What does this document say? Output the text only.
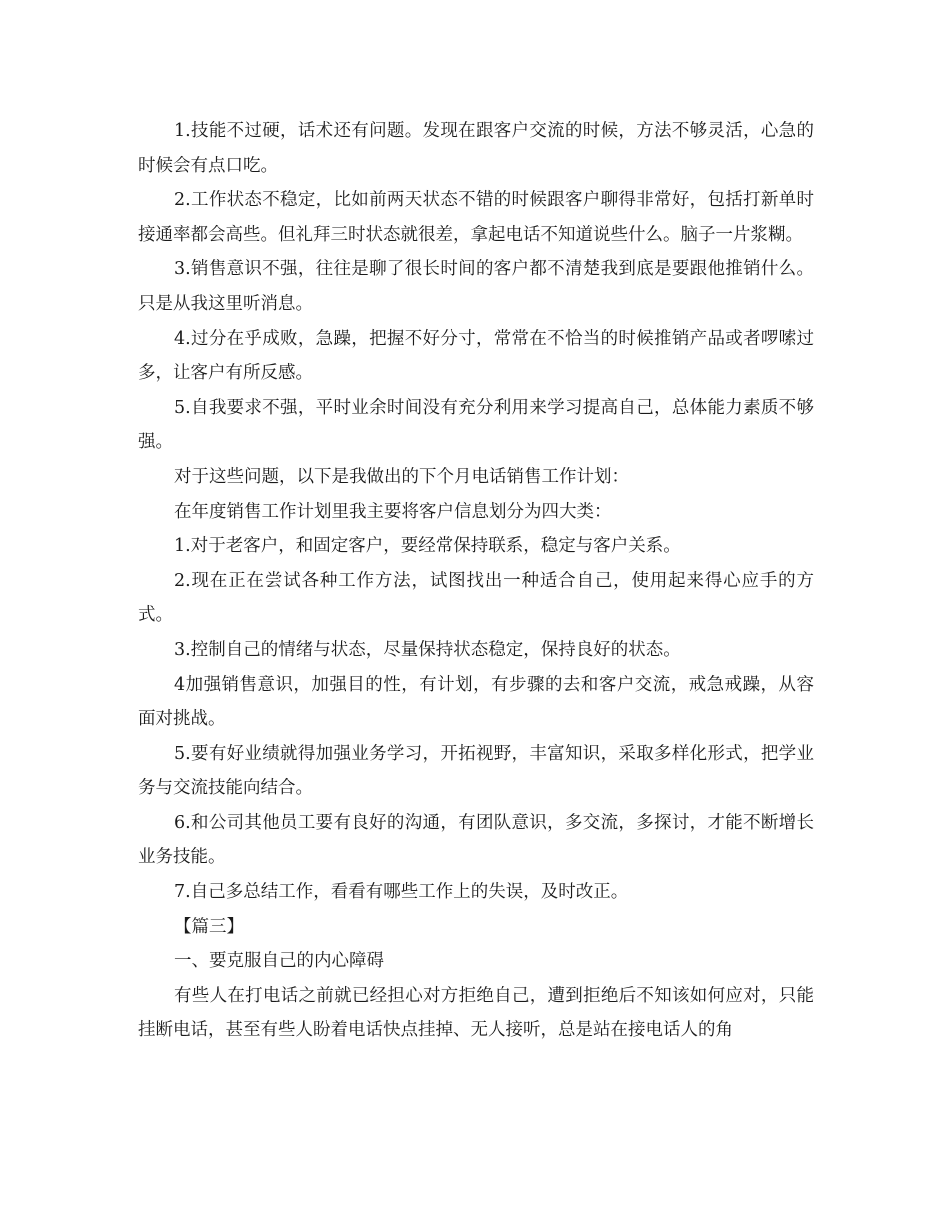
1.技能不过硬，话术还有问题。发现在跟客户交流的时候，方法不够灵活，心急的时候会有点口吃。

2.工作状态不稳定，比如前两天状态不错的时候跟客户聊得非常好，包括打新单时接通率都会高些。但礼拜三时状态就很差，拿起电话不知道说些什么。脑子一片浆糊。

3.销售意识不强，往往是聊了很长时间的客户都不清楚我到底是要跟他推销什么。只是从我这里听消息。

4.过分在乎成败，急躁，把握不好分寸，常常在不恰当的时候推销产品或者啰嗦过多，让客户有所反感。

5.自我要求不强，平时业余时间没有充分利用来学习提高自己，总体能力素质不够强。

对于这些问题，以下是我做出的下个月电话销售工作计划：

在年度销售工作计划里我主要将客户信息划分为四大类：

1.对于老客户，和固定客户，要经常保持联系，稳定与客户关系。

2.现在正在尝试各种工作方法，试图找出一种适合自己，使用起来得心应手的方式。

3.控制自己的情绪与状态，尽量保持状态稳定，保持良好的状态。

4加强销售意识，加强目的性，有计划，有步骤的去和客户交流，戒急戒躁，从容面对挑战。

5.要有好业绩就得加强业务学习，开拓视野，丰富知识，采取多样化形式，把学业务与交流技能向结合。

6.和公司其他员工要有良好的沟通，有团队意识，多交流，多探讨，才能不断增长业务技能。

7.自己多总结工作，看看有哪些工作上的失误，及时改正。

【篇三】

一、要克服自己的内心障碍

有些人在打电话之前就已经担心对方拒绝自己，遭到拒绝后不知该如何应对，只能挂断电话，甚至有些人盼着电话快点挂掉、无人接听，总是站在接电话人的角
